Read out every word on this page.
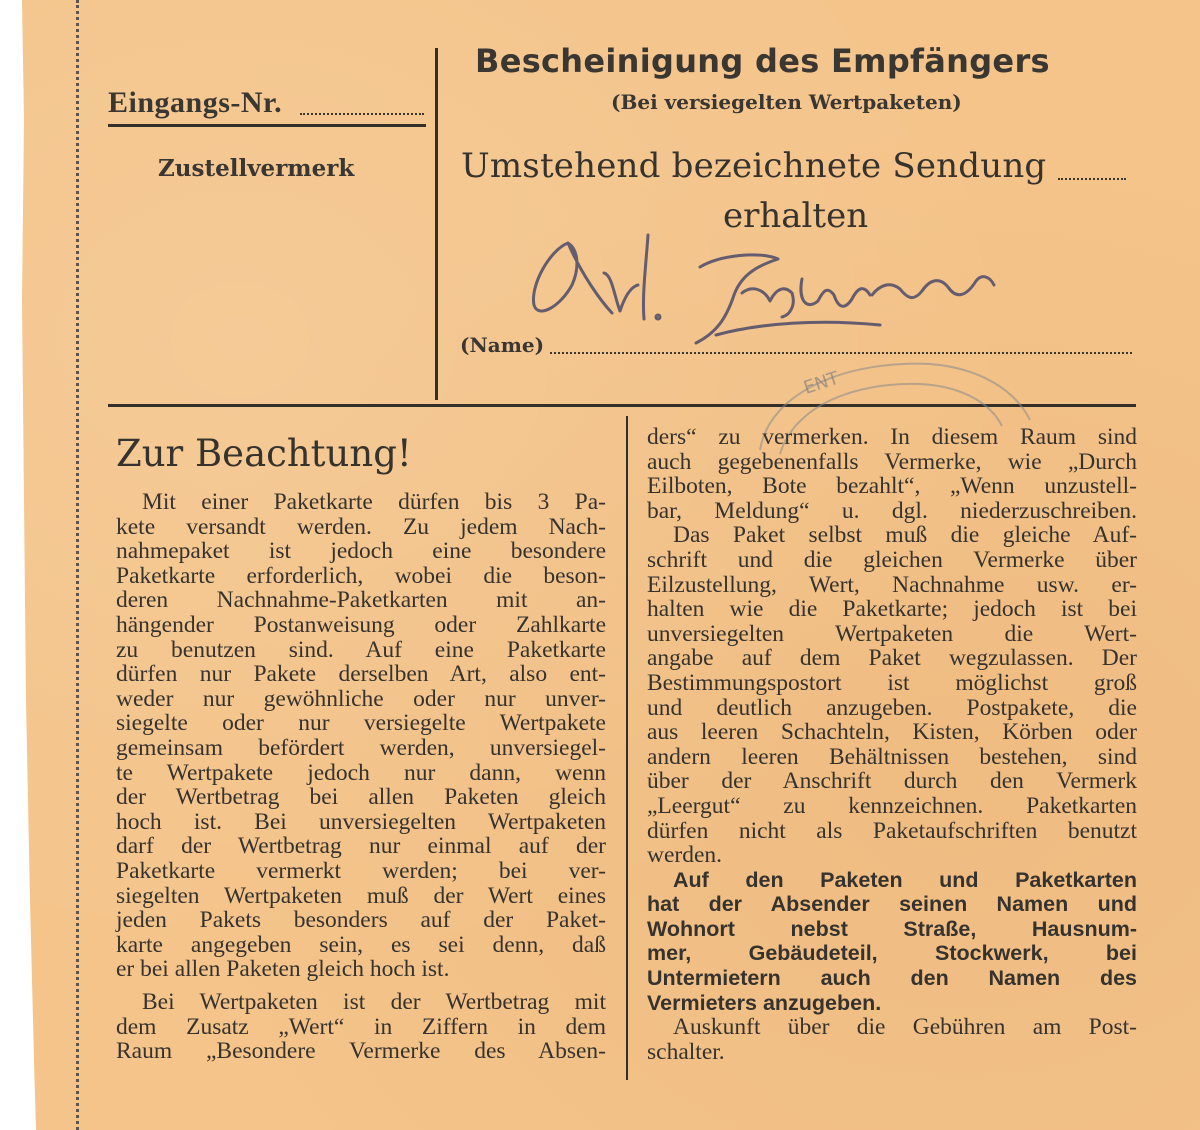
Eingangs-Nr.
Zustellvermerk
Bescheinigung des Empfängers
(Bei versiegelten Wertpaketen)
Umstehend bezeichnete Sendung
erhalten
ENT
(Name)
Zur Beachtung!
Mit einer Paketkarte dürfen bis 3 Pa-
kete versandt werden. Zu jedem Nach-
nahmepaket ist jedoch eine besondere
Paketkarte erforderlich, wobei die beson-
deren Nachnahme-Paketkarten mit an-
hängender Postanweisung oder Zahlkarte
zu benutzen sind. Auf eine Paketkarte
dürfen nur Pakete derselben Art, also ent-
weder nur gewöhnliche oder nur unver-
siegelte oder nur versiegelte Wertpakete
gemeinsam befördert werden, unversiegel-
te Wertpakete jedoch nur dann, wenn
der Wertbetrag bei allen Paketen gleich
hoch ist. Bei unversiegelten Wertpaketen
darf der Wertbetrag nur einmal auf der
Paketkarte vermerkt werden; bei ver-
siegelten Wertpaketen muß der Wert eines
jeden Pakets besonders auf der Paket-
karte angegeben sein, es sei denn, daß
er bei allen Paketen gleich hoch ist.
Bei Wertpaketen ist der Wertbetrag mit
dem Zusatz „Wert“ in Ziffern in dem
Raum „Besondere Vermerke des Absen-
ders“ zu vermerken. In diesem Raum sind
auch gegebenenfalls Vermerke, wie „Durch
Eilboten, Bote bezahlt“, „Wenn unzustell-
bar, Meldung“ u. dgl. niederzuschreiben.
Das Paket selbst muß die gleiche Auf-
schrift und die gleichen Vermerke über
Eilzustellung, Wert, Nachnahme usw. er-
halten wie die Paketkarte; jedoch ist bei
unversiegelten Wertpaketen die Wert-
angabe auf dem Paket wegzulassen. Der
Bestimmungspostort ist möglichst groß
und deutlich anzugeben. Postpakete, die
aus leeren Schachteln, Kisten, Körben oder
andern leeren Behältnissen bestehen, sind
über der Anschrift durch den Vermerk
„Leergut“ zu kennzeichnen. Paketkarten
dürfen nicht als Paketaufschriften benutzt
werden.
Auf den Paketen und Paketkarten
hat der Absender seinen Namen und
Wohnort nebst Straße, Hausnum-
mer, Gebäudeteil, Stockwerk, bei
Untermietern auch den Namen des
Vermieters anzugeben.
Auskunft über die Gebühren am Post-
schalter.
